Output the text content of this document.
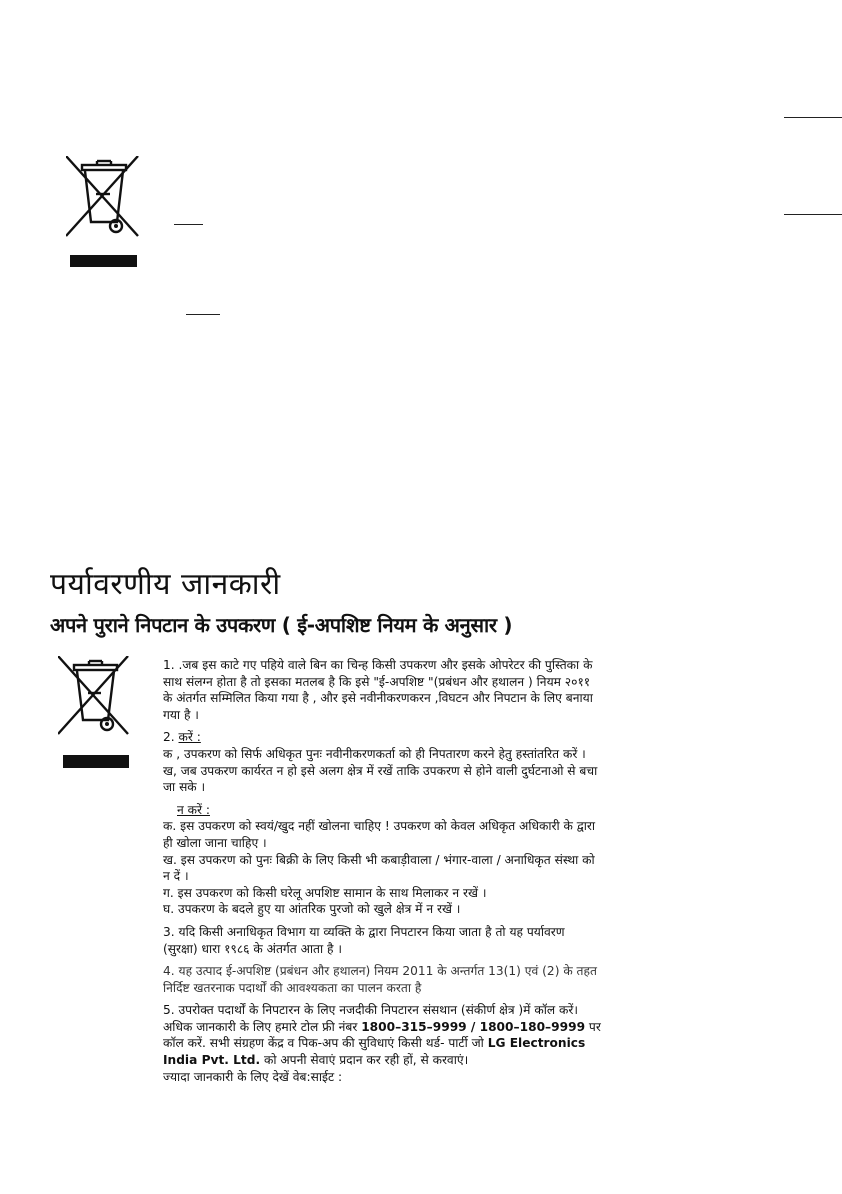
पर्यावरणीय जानकारी
अपने पुराने निपटान के उपकरण ( ई-अपशिष्ट नियम के अनुसार )

1. .जब इस काटे गए पहिये वाले बिन का चिन्ह किसी उपकरण और इसके ओपरेटर की पुस्तिका के साथ संलग्न होता है तो इसका मतलब है कि इसे "ई-अपशिष्ट "(प्रबंधन और हथालन ) नियम २०११ के अंतर्गत सम्मिलित किया गया है , और इसे नवीनीकरणकरन ,विघटन और निपटान के लिए बनाया गया है ।

2. करें :

क , उपकरण को सिर्फ अधिकृत पुनः नवीनीकरणकर्ता को ही निपतारण करने हेतु हस्तांतरित करें ।

ख, जब उपकरण कार्यरत न हो इसे अलग क्षेत्र में रखें ताकि उपकरण से होने वाली दुर्घटनाओ से बचा जा सके ।

न करें :

क. इस उपकरण को स्वयं/खुद नहीं खोलना चाहिए ! उपकरण को केवल अधिकृत अधिकारी के द्वारा ही खोला जाना चाहिए ।

ख. इस उपकरण को पुनः बिक्री के लिए किसी भी कबाड़ीवाला / भंगार-वाला / अनाधिकृत संस्था को न दें ।

ग. इस उपकरण को किसी घरेलू अपशिष्ट सामान के साथ मिलाकर न रखें ।

घ. उपकरण के बदले हुए या आंतरिक पुरजो को खुले क्षेत्र में न रखें ।

3. यदि किसी अनाधिकृत विभाग या व्यक्ति के द्वारा निपटारन किया जाता है तो यह पर्यावरण (सुरक्षा) धारा १९८६ के अंतर्गत आता है ।

4. यह उत्पाद ई-अपशिष्ट (प्रबंधन और हथालन) नियम 2011 के अन्तर्गत 13(1) एवं (2) के तहत निर्दिष्ट खतरनाक पदार्थों की आवश्यकता का पालन करता है

5. उपरोक्त पदार्थों के निपटारन के लिए नजदीकी निपटारन संसथान (संकीर्ण क्षेत्र )में कॉल करें। अधिक जानकारी के लिए हमारे टोल फ्री नंबर 1800–315–9999 / 1800–180–9999 पर कॉल करें. सभी संग्रहण केंद्र व पिक-अप की सुविधाएं किसी थर्ड- पार्टी जो LG Electronics India Pvt. Ltd. को अपनी सेवाएं प्रदान कर रही हों, से करवाएं।

ज्यादा जानकारी के लिए देखें वेब:साईट :
